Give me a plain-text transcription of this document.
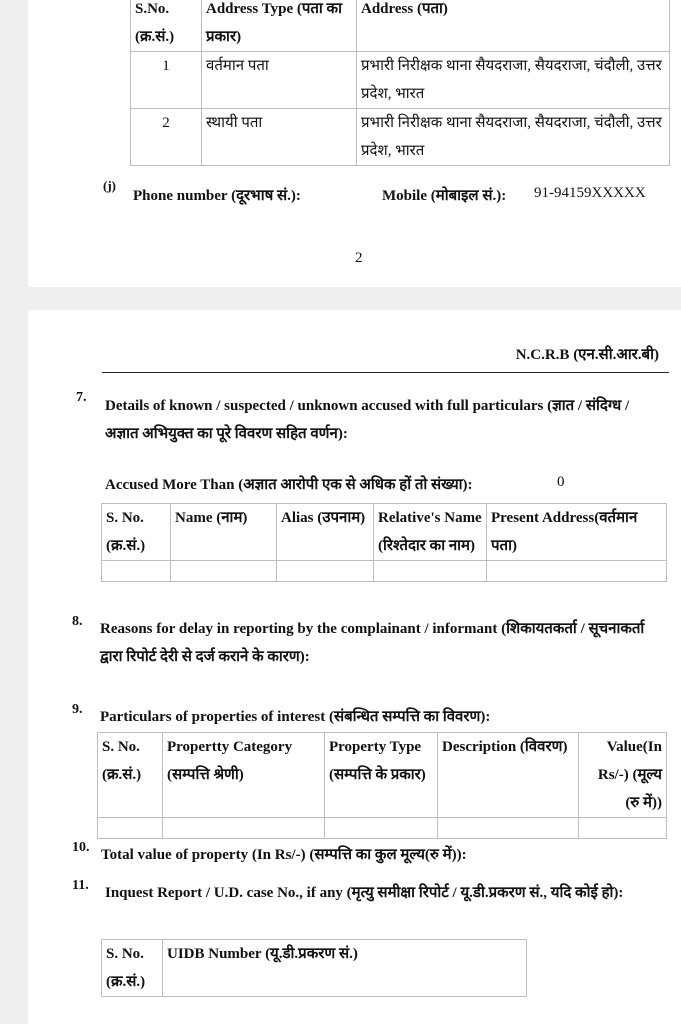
S.No. (क्र.सं.)	Address Type (पता का प्रकार)	Address (पता)
1	वर्तमान पता	प्रभारी निरीक्षक थाना सैयदराजा, सैयदराजा, चंदौली, उत्तर प्रदेश, भारत
2	स्थायी पता	प्रभारी निरीक्षक थाना सैयदराजा, सैयदराजा, चंदौली, उत्तर प्रदेश, भारत
(j)
Phone number (दूरभाष सं.):	Mobile (मोबाइल सं.): 91-94159XXXXX
2
N.C.R.B (एन.सी.आर.बी)
7.
Details of known / suspected / unknown accused with full particulars (ज्ञात / संदिग्ध / अज्ञात अभियुक्त का पूरे विवरण सहित वर्णन):
Accused More Than (अज्ञात आरोपी एक से अधिक हों तो संख्या):	0
S. No. (क्र.सं.)	Name (नाम)	Alias (उपनाम)	Relative's Name (रिश्तेदार का नाम)	Present Address(वर्तमान पता)

8. Reasons for delay in reporting by the complainant / informant (शिकायतकर्ता / सूचनाकर्ता द्वारा रिपोर्ट देरी से दर्ज कराने के कारण):
9. Particulars of properties of interest (संबन्धित सम्पत्ति का विवरण):
S. No. (क्र.सं.)	Propertty Category (सम्पत्ति श्रेणी)	Property Type (सम्पत्ति के प्रकार)	Description (विवरण)	Value(In Rs/-) (मूल्य (रु में))

10. Total value of property (In Rs/-) (सम्पत्ति का कुल मूल्य(रु में)):
11. Inquest Report / U.D. case No., if any (मृत्यु समीक्षा रिपोर्ट / यू.डी.प्रकरण सं., यदि कोई हो):
S. No. (क्र.सं.)	UIDB Number (यू.डी.प्रकरण सं.)
